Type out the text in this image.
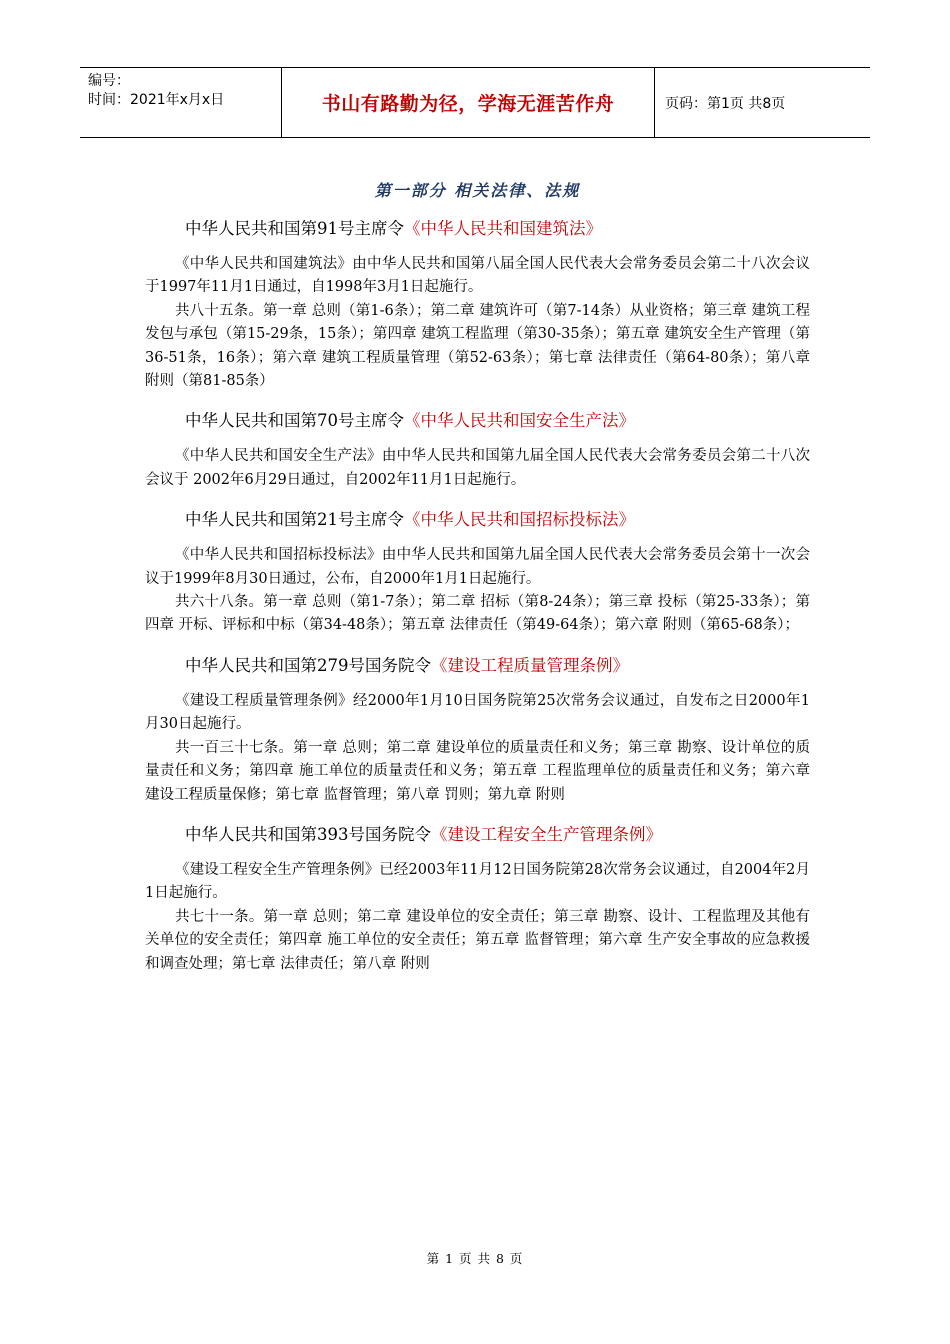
编号：
时间：2021年x月x日	书山有路勤为径，学海无涯苦作舟	页码：第1页 共8页
第一部分 相关法律、法规
中华人民共和国第91号主席令《中华人民共和国建筑法》

《中华人民共和国建筑法》由中华人民共和国第八届全国人民代表大会常务委员会第二十八次会议于1997年11月1日通过，自1998年3月1日起施行。

共八十五条。第一章 总则（第1-6条）；第二章 建筑许可（第7-14条）从业资格；第三章 建筑工程发包与承包（第15-29条，15条）；第四章 建筑工程监理（第30-35条）；第五章 建筑安全生产管理（第36-51条，16条）；第六章 建筑工程质量管理（第52-63条）；第七章 法律责任（第64-80条）；第八章 附则（第81-85条）

中华人民共和国第70号主席令《中华人民共和国安全生产法》

《中华人民共和国安全生产法》由中华人民共和国第九届全国人民代表大会常务委员会第二十八次会议于 2002年6月29日通过，自2002年11月1日起施行。

中华人民共和国第21号主席令《中华人民共和国招标投标法》

《中华人民共和国招标投标法》由中华人民共和国第九届全国人民代表大会常务委员会第十一次会议于1999年8月30日通过，公布，自2000年1月1日起施行。

共六十八条。第一章 总则（第1-7条）；第二章 招标（第8-24条）；第三章 投标（第25-33条）；第四章 开标、评标和中标（第34-48条）；第五章 法律责任（第49-64条）；第六章 附则（第65-68条）；

中华人民共和国第279号国务院令《建设工程质量管理条例》

《建设工程质量管理条例》经2000年1月10日国务院第25次常务会议通过，自发布之日2000年1月30日起施行。

共一百三十七条。第一章 总则；第二章 建设单位的质量责任和义务；第三章 勘察、设计单位的质量责任和义务；第四章 施工单位的质量责任和义务；第五章 工程监理单位的质量责任和义务；第六章 建设工程质量保修；第七章 监督管理；第八章 罚则；第九章 附则

中华人民共和国第393号国务院令《建设工程安全生产管理条例》

《建设工程安全生产管理条例》已经2003年11月12日国务院第28次常务会议通过，自2004年2月1日起施行。

共七十一条。第一章 总则；第二章 建设单位的安全责任；第三章 勘察、设计、工程监理及其他有关单位的安全责任；第四章 施工单位的安全责任；第五章 监督管理；第六章 生产安全事故的应急救援和调查处理；第七章 法律责任；第八章 附则

第 1 页 共 8 页
